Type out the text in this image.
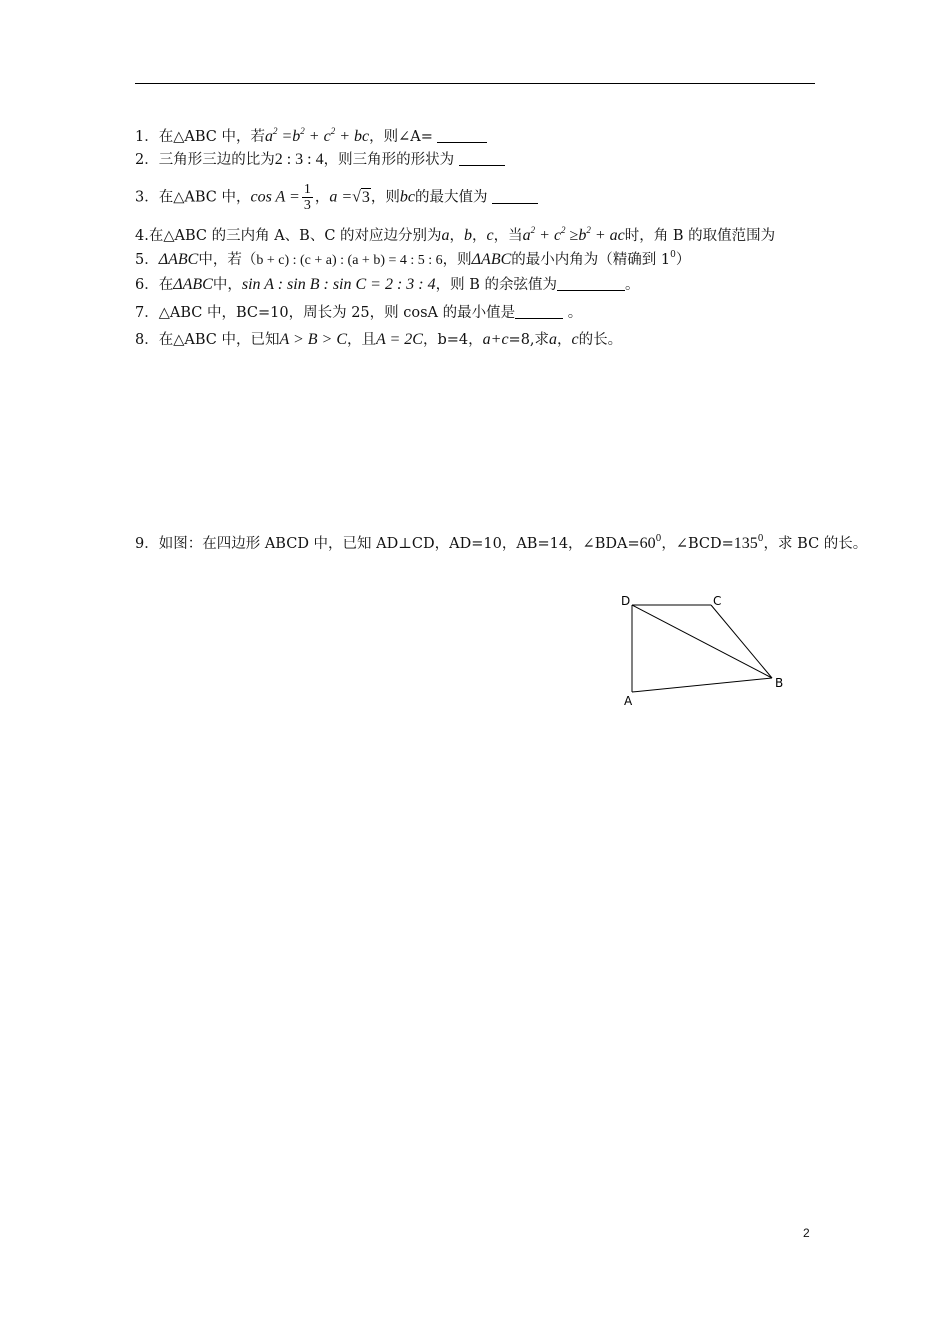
1．在△ABC 中，若$a^2 =b^2 + c^2$ + bc，则∠A=
2．三角形三边的比为2 : 3 : 4，则三角形的形状为
3．在△ABC 中，$\cos A = \frac{1}{3}$ ，a =√3，则bc的最大值为
4.在△ABC 的三内角 A、B、C 的对应边分别为a，b，c，当$a^2 + c^2 \ge b^2$ + ac时，角 B 的取值范围为
5．ΔABC中，若（b + c) : (c + a) : (a + b) = 4 : 5 : 6，则ΔABC的最小内角为（精确到 $1^0$）
6．在ΔABC中，sin A : sin B : sin C = 2 : 3 : 4，则 B 的余弦值为	。
7．△ABC 中，BC=10，周长为 25，则 cosA 的最小值是	。
8．在△ABC 中，已知A > B > C，且A = 2C，b=4，a+c=8,求a，c的长。
9．如图：在四边形 ABCD 中，已知 AD⊥CD，AD=10，AB=14，$\angle BDA=60^0$，$\angle BCD=135^0$，求 BC 的长。
D	C
B
A
2
